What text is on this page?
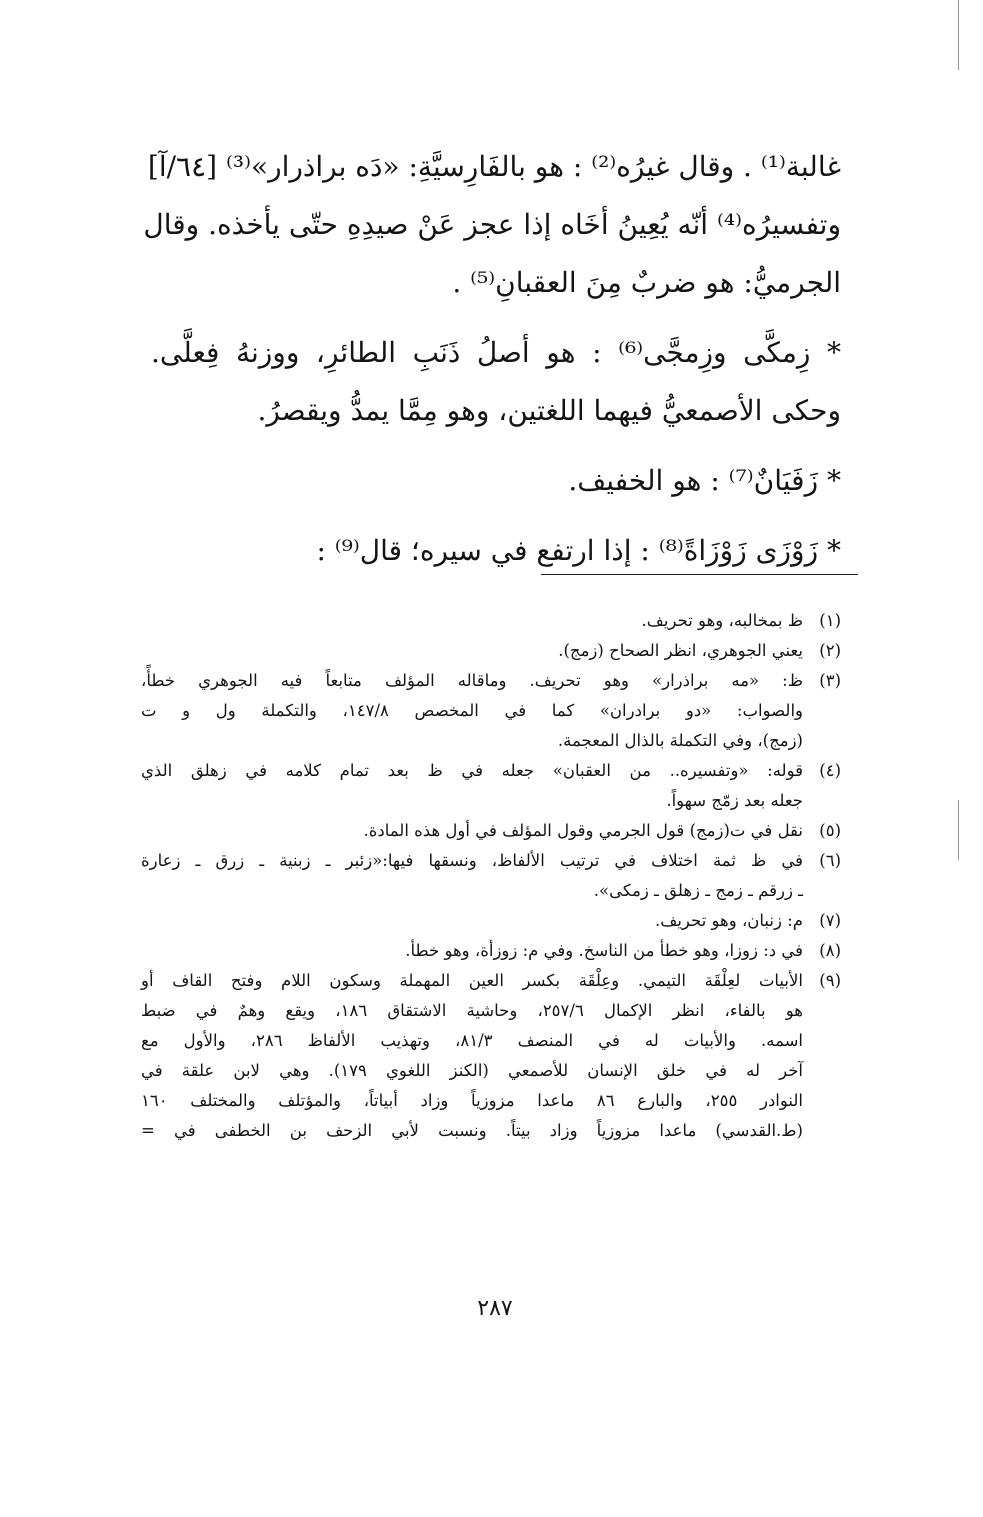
غالبة⁽¹⁾ . وقال غيرُه⁽²⁾ : هو بالفَارِسيَّةِ: «دَه براذرار»⁽³⁾ [٦٤/آ]
وتفسيرُه⁽⁴⁾ أنّه يُعِينُ أخَاه إذا عجز عَنْ صيدِهِ حتّى يأخذه. وقال
الجرميُّ: هو ضربٌ مِنَ العقبانِ⁽⁵⁾ .
* زِمكَّى وزِمجَّى⁽⁶⁾ : هو أصلُ ذَنَبِ الطائرِ، ووزنهُ فِعلَّى.
وحكى الأصمعيُّ فيهما اللغتين، وهو مِمَّا يمدُّ ويقصرُ.
* زَفَيَانٌ⁽⁷⁾ : هو الخفيف.
* زَوْزَى زَوْزَاةً⁽⁸⁾ : إذا ارتفع في سيره؛ قال⁽⁹⁾ :
(١)
ظ بمخالبه، وهو تحريف.
(٢)
يعني الجوهري، انظر الصحاح (زمج).
(٣)
ظ: «مه براذرار» وهو تحريف. وماقاله المؤلف متابعاً فيه الجوهري خطأً،
والصواب: «دو برادران» كما في المخصص ١٤٧/٨، والتكملة ول و ت
(زمج)، وفي التكملة بالذال المعجمة.
(٤)
قوله: «وتفسيره.. من العقبان» جعله في ظ بعد تمام كلامه في زهلق الذي
جعله بعد زمّج سهواً.
(٥)
نقل في ت(زمج) قول الجرمي وقول المؤلف في أول هذه المادة.
(٦)
في ظ ثمة اختلاف في ترتيب الألفاظ، ونسقها فيها:«زئبر ـ زبنية ـ زرق ـ زعارة
ـ زرقم ـ زمج ـ زهلق ـ زمكى».
(٧)
م: زنبان، وهو تحريف.
(٨)
في د: زوزا، وهو خطأ من الناسخ. وفي م: زوزأة، وهو خطأ.
(٩)
الأبيات لعِلْقَة التيمي. وعِلْقَة بكسر العين المهملة وسكون اللام وفتح القاف أو
هو بالفاء، انظر الإكمال ٢٥٧/٦، وحاشية الاشتقاق ١٨٦، ويقع وهمٌ في ضبط
اسمه. والأبيات له في المنصف ٨١/٣، وتهذيب الألفاظ ٢٨٦، والأول مع
آخر له في خلق الإنسان للأصمعي (الكنز اللغوي ١٧٩). وهي لابن علقة في
النوادر ٢٥٥، والبارع ٨٦ ماعدا مزوزياً وزاد أبياتاً، والمؤتلف والمختلف ١٦٠
(ط.القدسي) ماعدا مزوزياً وزاد بيتاً. ونسبت لأبي الزحف بن الخطفى في =
٢٨٧
